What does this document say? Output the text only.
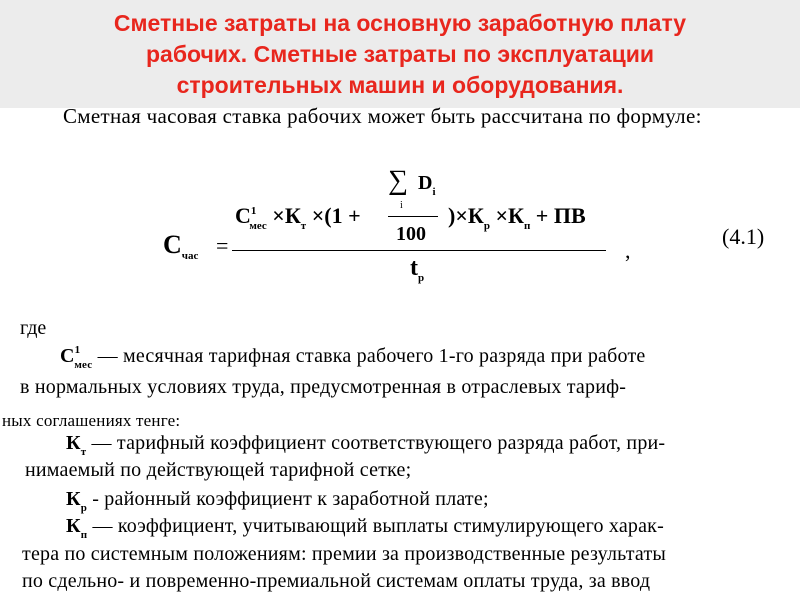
Сметные затраты на основную заработную плату
рабочих. Сметные затраты по эксплуатации
строительных машин и оборудования.
Сметная часовая ставка рабочих может быть рассчитана по формуле:
$С_{час}$ =
∑ $D_i$
i
$С^1_{мес} \times К_т \times(1$ +
100
)$\times К_р \times К_п$ + ПВ
$t_р$
,
(4.1)
где
$С^1_{мес}$ — месячная тарифная ставка рабочего 1-го разряда при работе
в нормальных условиях труда, предусмотренная в отраслевых тариф-
ных соглашениях тенге:
$К_т$ — тарифный коэффициент соответствующего разряда работ, при-
нимаемый по действующей тарифной сетке;
$К_р$ - районный коэффициент к заработной плате;
$К_п$ — коэффициент, учитывающий выплаты стимулирующего харак-
тера по системным положениям: премии за производственные результаты
по сдельно- и повременно-премиальной системам оплаты труда, за ввод
